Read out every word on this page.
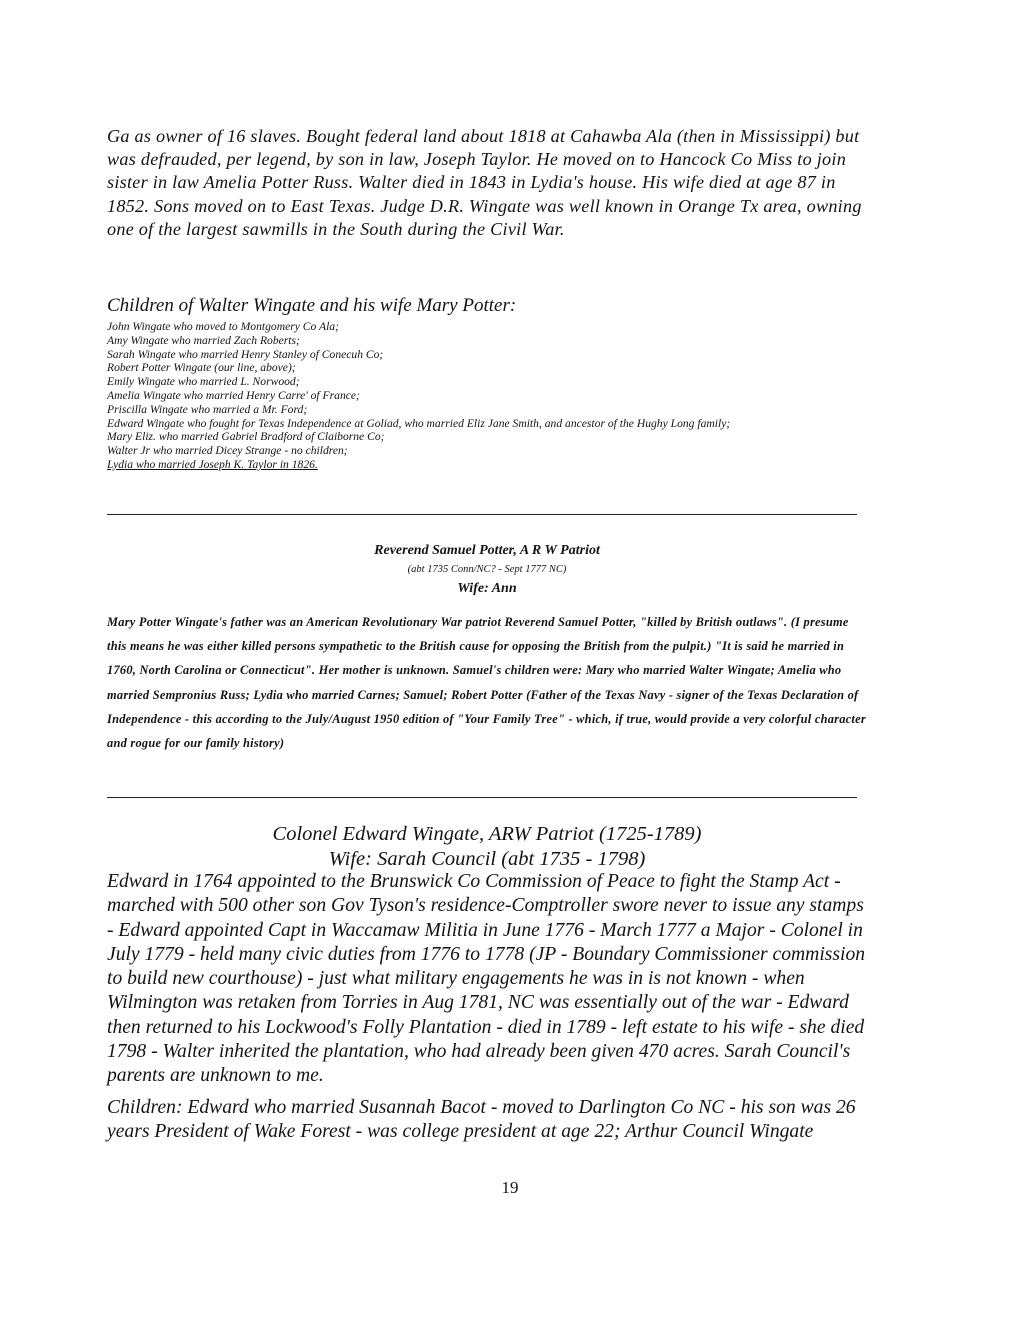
Ga as owner of 16 slaves. Bought federal land about 1818 at Cahawba Ala (then in Mississippi) but was defrauded, per legend, by son in law, Joseph Taylor. He moved on to Hancock Co Miss to join sister in law Amelia Potter Russ. Walter died in 1843 in Lydia's house. His wife died at age 87 in 1852. Sons moved on to East Texas. Judge D.R. Wingate was well known in Orange Tx area, owning one of the largest sawmills in the South during the Civil War.

Children of Walter Wingate and his wife Mary Potter:
John Wingate who moved to Montgomery Co Ala;
Amy Wingate who married Zach Roberts;
Sarah Wingate who married Henry Stanley of Conecuh Co;
Robert Potter Wingate (our line, above);
Emily Wingate who married L. Norwood;
Amelia Wingate who married Henry Carre' of France;
Priscilla Wingate who married a Mr. Ford;
Edward Wingate who fought for Texas Independence at Goliad, who married Eliz Jane Smith, and ancestor of the Hughy Long family;
Mary Eliz. who married Gabriel Bradford of Claiborne Co;
Walter Jr who married Dicey Strange - no children;
Lydia who married Joseph K. Taylor in 1826.
Reverend Samuel Potter, A R W Patriot
(abt 1735 Conn/NC? - Sept 1777 NC)
Wife: Ann

Mary Potter Wingate's father was an American Revolutionary War patriot Reverend Samuel Potter, "killed by British outlaws". (I presume this means he was either killed persons sympathetic to the British cause for opposing the British from the pulpit.) "It is said he married in 1760, North Carolina or Connecticut". Her mother is unknown. Samuel's children were: Mary who married Walter Wingate; Amelia who married Sempronius Russ; Lydia who married Carnes; Samuel; Robert Potter (Father of the Texas Navy - signer of the Texas Declaration of Independence - this according to the July/August 1950 edition of "Your Family Tree" - which, if true, would provide a very colorful character and rogue for our family history)

Colonel Edward Wingate, ARW Patriot (1725-1789)
Wife: Sarah Council (abt 1735 - 1798)

Edward in 1764 appointed to the Brunswick Co Commission of Peace to fight the Stamp Act - marched with 500 other son Gov Tyson's residence-Comptroller swore never to issue any stamps - Edward appointed Capt in Waccamaw Militia in June 1776 - March 1777 a Major - Colonel in July 1779 - held many civic duties from 1776 to 1778 (JP - Boundary Commissioner commission to build new courthouse) - just what military engagements he was in is not known - when Wilmington was retaken from Torries in Aug 1781, NC was essentially out of the war - Edward then returned to his Lockwood's Folly Plantation - died in 1789 - left estate to his wife - she died 1798 - Walter inherited the plantation, who had already been given 470 acres. Sarah Council's parents are unknown to me.

Children: Edward who married Susannah Bacot - moved to Darlington Co NC - his son was 26 years President of Wake Forest - was college president at age 22; Arthur Council Wingate

19
